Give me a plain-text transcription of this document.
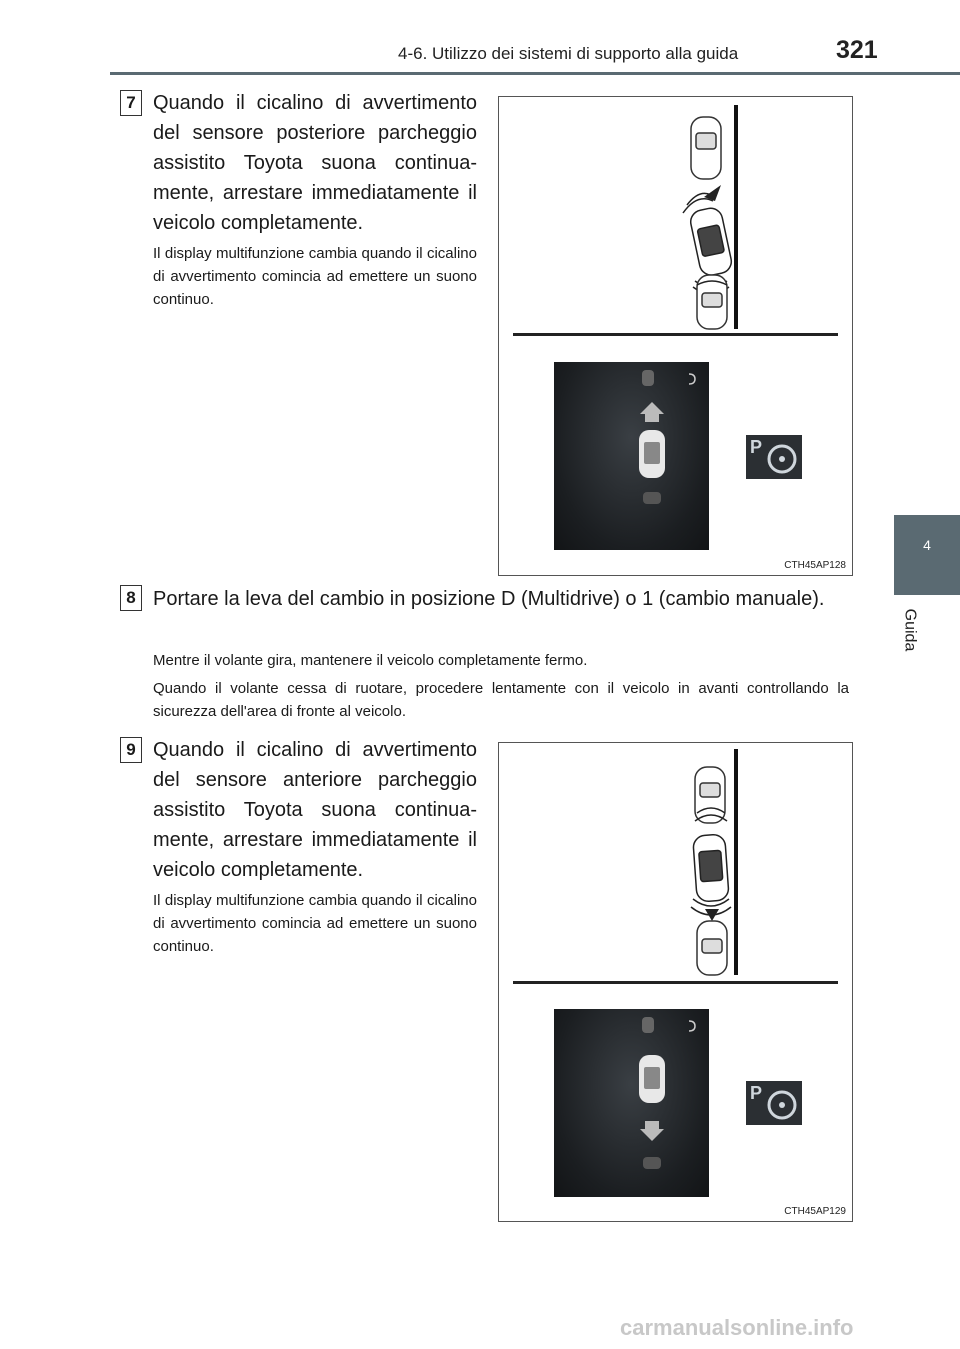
4-6. Utilizzo dei sistemi di supporto alla guida	321
4
Guida
7 Quando il cicalino di avvertimento del sensore posteriore parcheggio assistito Toyota suona continua-mente, arrestare immediatamente il veicolo completamente.
Il display multifunzione cambia quando il cicalino di avvertimento comincia ad emettere un suono continuo.
P
CTH45AP128
8 Portare la leva del cambio in posizione D (Multidrive) o 1 (cambio manuale).
Mentre il volante gira, mantenere il veicolo completamente fermo.
Quando il volante cessa di ruotare, procedere lentamente con il veicolo in avanti controllando la sicurezza dell'area di fronte al veicolo.
9 Quando il cicalino di avvertimento del sensore anteriore parcheggio assistito Toyota suona continua-mente, arrestare immediatamente il veicolo completamente.
Il display multifunzione cambia quando il cicalino di avvertimento comincia ad emettere un suono continuo.
P
CTH45AP129
carmanualsonline.info
